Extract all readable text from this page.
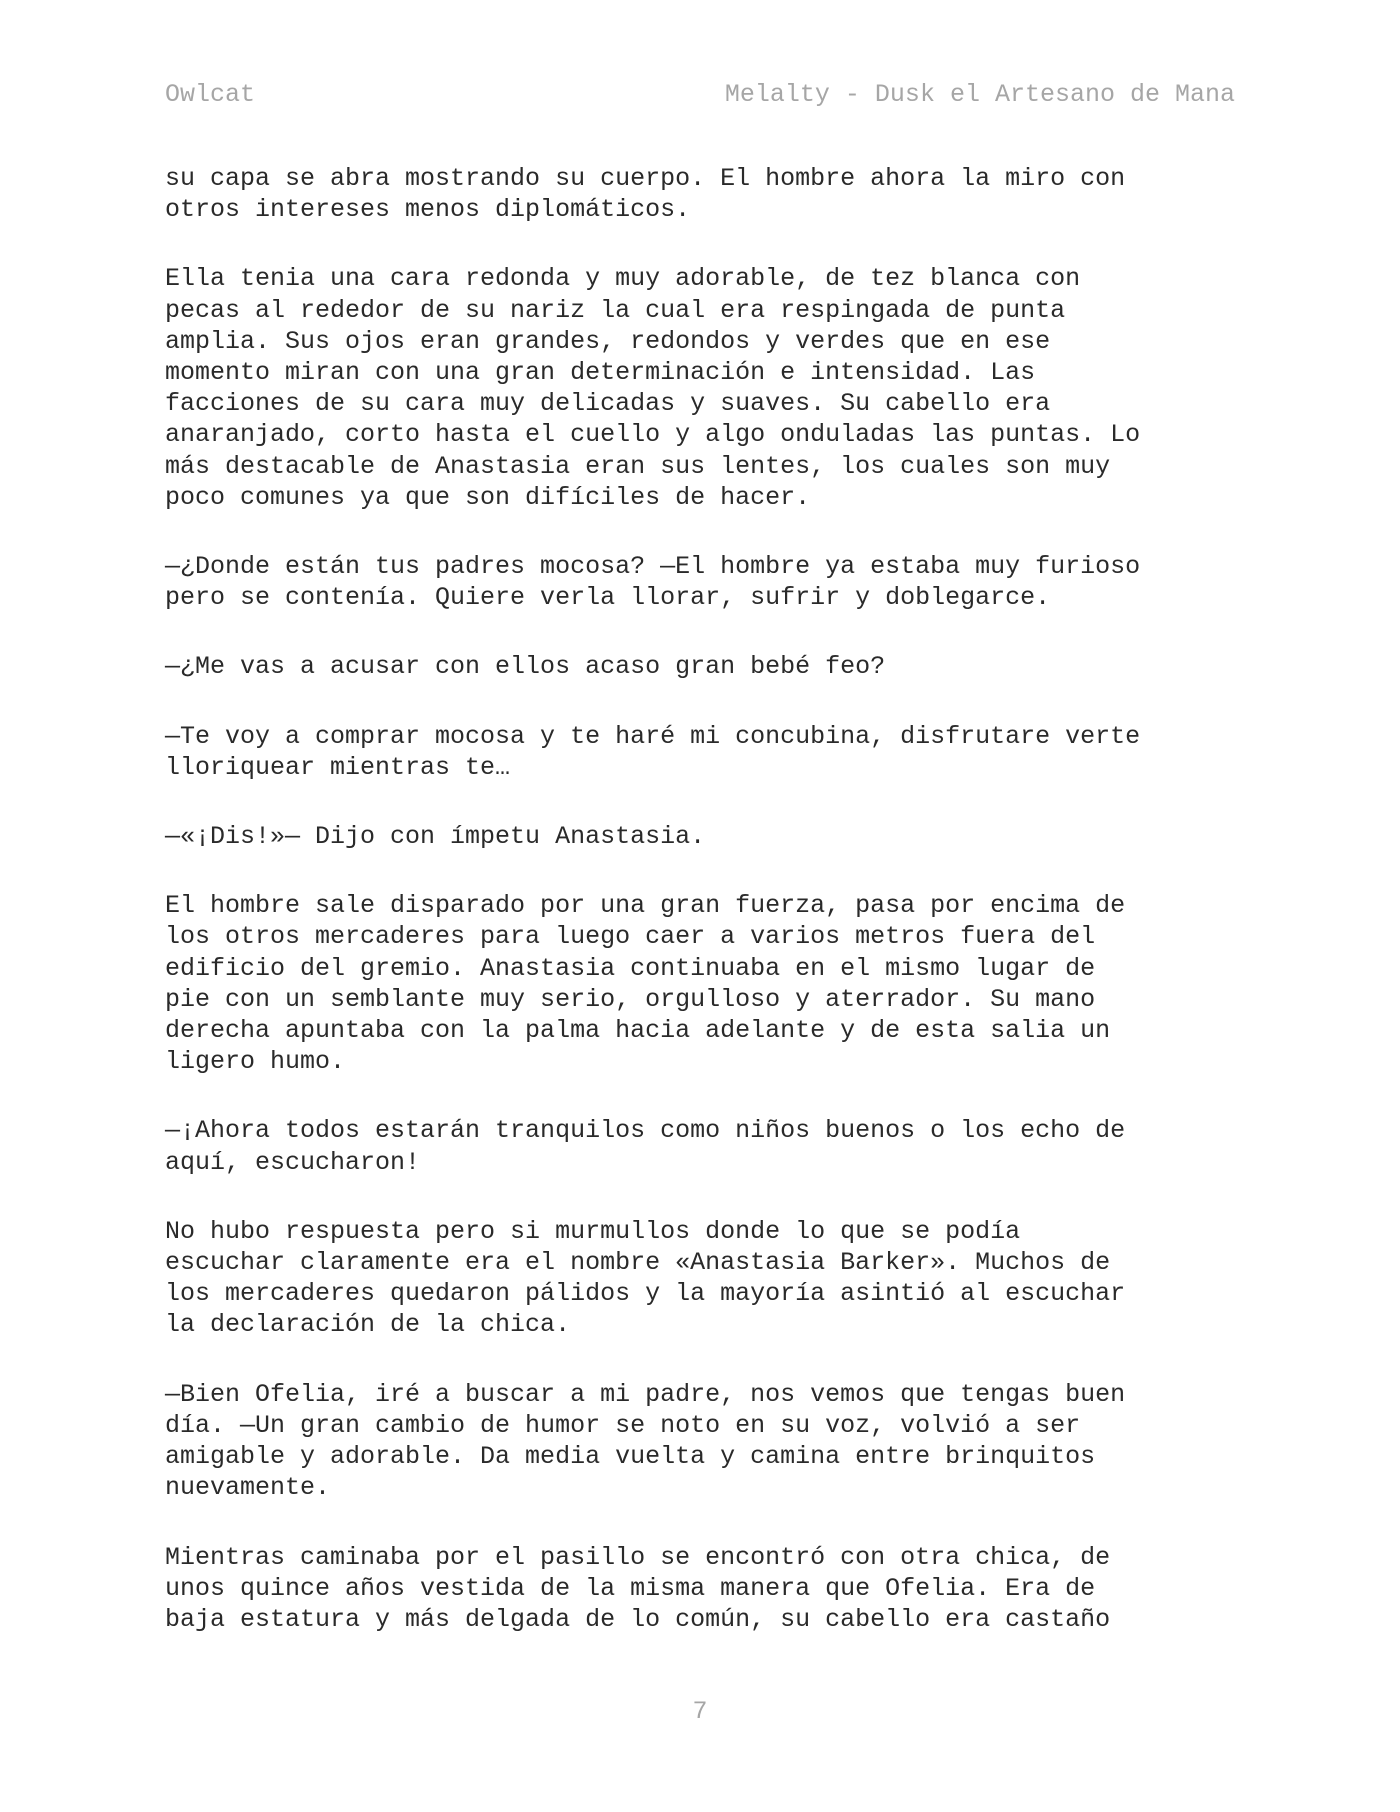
Owlcat	Melalty - Dusk el Artesano de Mana

su capa se abra mostrando su cuerpo. El hombre ahora la miro con
otros intereses menos diplomáticos.

Ella tenia una cara redonda y muy adorable, de tez blanca con
pecas al rededor de su nariz la cual era respingada de punta
amplia. Sus ojos eran grandes, redondos y verdes que en ese
momento miran con una gran determinación e intensidad. Las
facciones de su cara muy delicadas y suaves. Su cabello era
anaranjado, corto hasta el cuello y algo onduladas las puntas. Lo
más destacable de Anastasia eran sus lentes, los cuales son muy
poco comunes ya que son difíciles de hacer.

—¿Donde están tus padres mocosa? —El hombre ya estaba muy furioso
pero se contenía. Quiere verla llorar, sufrir y doblegarce.

—¿Me vas a acusar con ellos acaso gran bebé feo?

—Te voy a comprar mocosa y te haré mi concubina, disfrutare verte
lloriquear mientras te…

—«¡Dis!»— Dijo con ímpetu Anastasia.

El hombre sale disparado por una gran fuerza, pasa por encima de
los otros mercaderes para luego caer a varios metros fuera del
edificio del gremio. Anastasia continuaba en el mismo lugar de
pie con un semblante muy serio, orgulloso y aterrador. Su mano
derecha apuntaba con la palma hacia adelante y de esta salia un
ligero humo.

—¡Ahora todos estarán tranquilos como niños buenos o los echo de
aquí, escucharon!

No hubo respuesta pero si murmullos donde lo que se podía
escuchar claramente era el nombre «Anastasia Barker». Muchos de
los mercaderes quedaron pálidos y la mayoría asintió al escuchar
la declaración de la chica.

—Bien Ofelia, iré a buscar a mi padre, nos vemos que tengas buen
día. —Un gran cambio de humor se noto en su voz, volvió a ser
amigable y adorable. Da media vuelta y camina entre brinquitos
nuevamente.

Mientras caminaba por el pasillo se encontró con otra chica, de
unos quince años vestida de la misma manera que Ofelia. Era de
baja estatura y más delgada de lo común, su cabello era castaño

7
